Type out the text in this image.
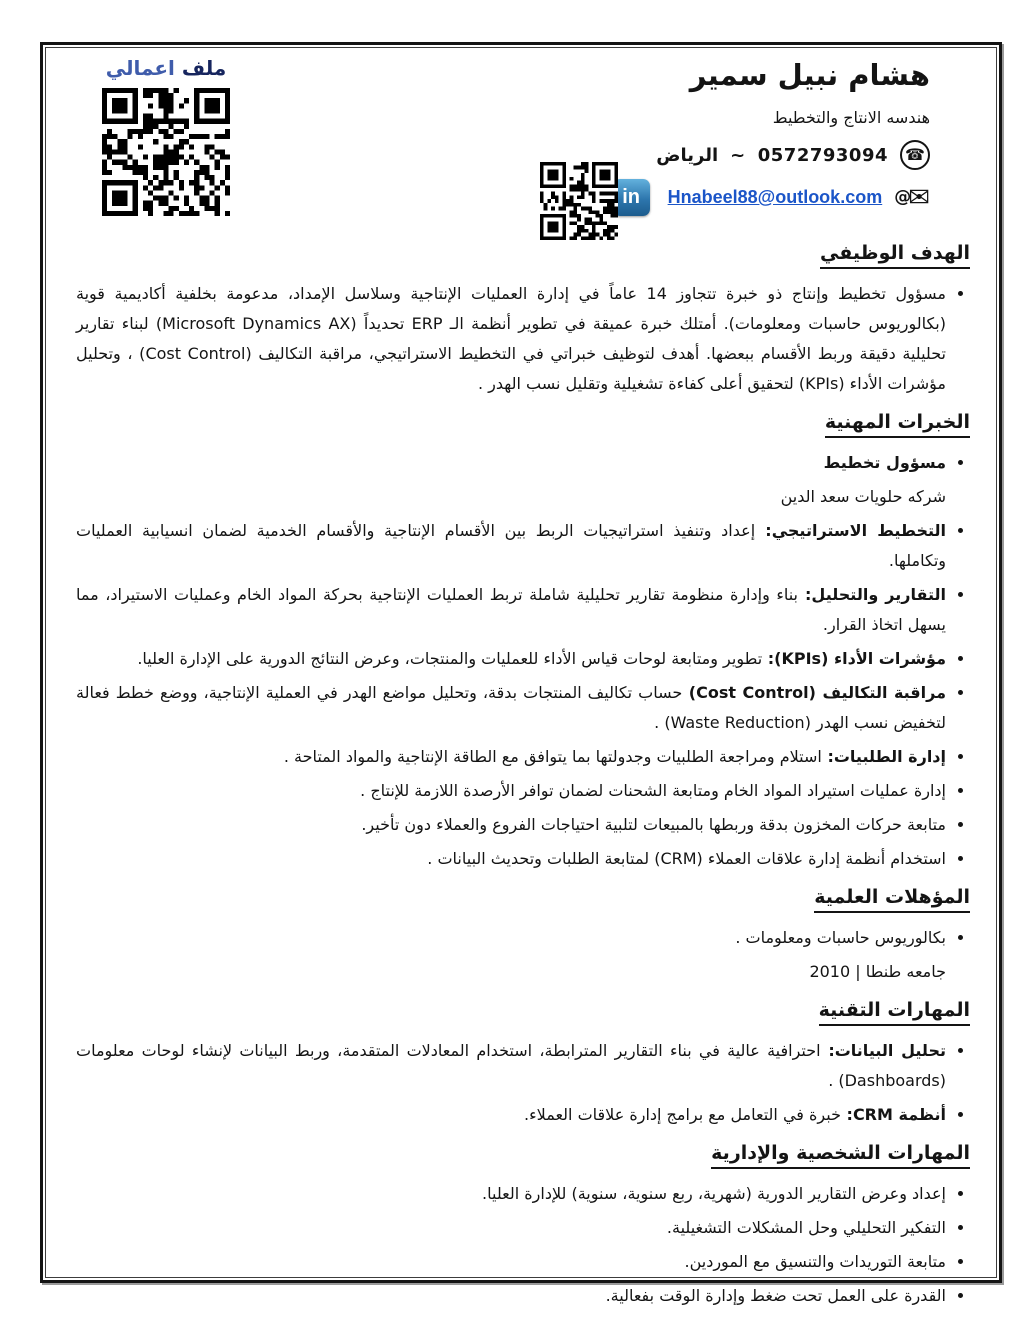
ملف اعمالي	هشام نبيل سمير
هندسه الانتاج والتخطيط
☎
0572793094
~
الرياض
✉
@
Hnabeel88@outlook.com
in
الهدف الوظيفي
• مسؤول تخطيط وإنتاج ذو خبرة تتجاوز 14 عاماً في إدارة العمليات الإنتاجية وسلاسل الإمداد، مدعومة بخلفية أكاديمية قوية (بكالوريوس حاسبات ومعلومات). أمتلك خبرة عميقة في تطوير أنظمة الـ ERP تحديداً (Microsoft Dynamics AX) لبناء تقارير تحليلية دقيقة وربط الأقسام ببعضها. أهدف لتوظيف خبراتي في التخطيط الاستراتيجي، مراقبة التكاليف (Cost Control) ، وتحليل مؤشرات الأداء (KPIs) لتحقيق أعلى كفاءة تشغيلية وتقليل نسب الهدر .
الخبرات المهنية
• مسؤول تخطيط
شركه حلويات سعد الدين
• التخطيط الاستراتيجي:إعداد وتنفيذ استراتيجيات الربط بين الأقسام الإنتاجية والأقسام الخدمية لضمان انسيابية العمليات وتكاملها.
• التقارير والتحليل:بناء وإدارة منظومة تقارير تحليلية شاملة تربط العمليات الإنتاجية بحركة المواد الخام وعمليات الاستيراد، مما يسهل اتخاذ القرار.
• مؤشرات الأداء (KPIs):تطوير ومتابعة لوحات قياس الأداء للعمليات والمنتجات، وعرض النتائج الدورية على الإدارة العليا.
• مراقبة التكاليف (Cost Control)حساب تكاليف المنتجات بدقة، وتحليل مواضع الهدر في العملية الإنتاجية، ووضع خطط فعالة لتخفيض نسب الهدر (Waste Reduction) .
• إدارة الطلبيات:استلام ومراجعة الطلبيات وجدولتها بما يتوافق مع الطاقة الإنتاجية والمواد المتاحة .
• إدارة عمليات استيراد المواد الخام ومتابعة الشحنات لضمان توافر الأرصدة اللازمة للإنتاج .
• متابعة حركات المخزون بدقة وربطها بالمبيعات لتلبية احتياجات الفروع والعملاء دون تأخير.
• استخدام أنظمة إدارة علاقات العملاء (CRM) لمتابعة الطلبات وتحديث البيانات .
المؤهلات العلمية
• بكالوريوس حاسبات ومعلومات .
جامعه طنطا | 2010
المهارات التقنية
• تحليل البيانات:احترافية عالية في بناء التقارير المترابطة، استخدام المعادلات المتقدمة، وربط البيانات لإنشاء لوحات معلومات (Dashboards) .
• أنظمة CRM:خبرة في التعامل مع برامج إدارة علاقات العملاء.
المهارات الشخصية والإدارية
• إعداد وعرض التقارير الدورية (شهرية، ربع سنوية، سنوية) للإدارة العليا.
• التفكير التحليلي وحل المشكلات التشغيلية.
• متابعة التوريدات والتنسيق مع الموردين.
• القدرة على العمل تحت ضغط وإدارة الوقت بفعالية.
